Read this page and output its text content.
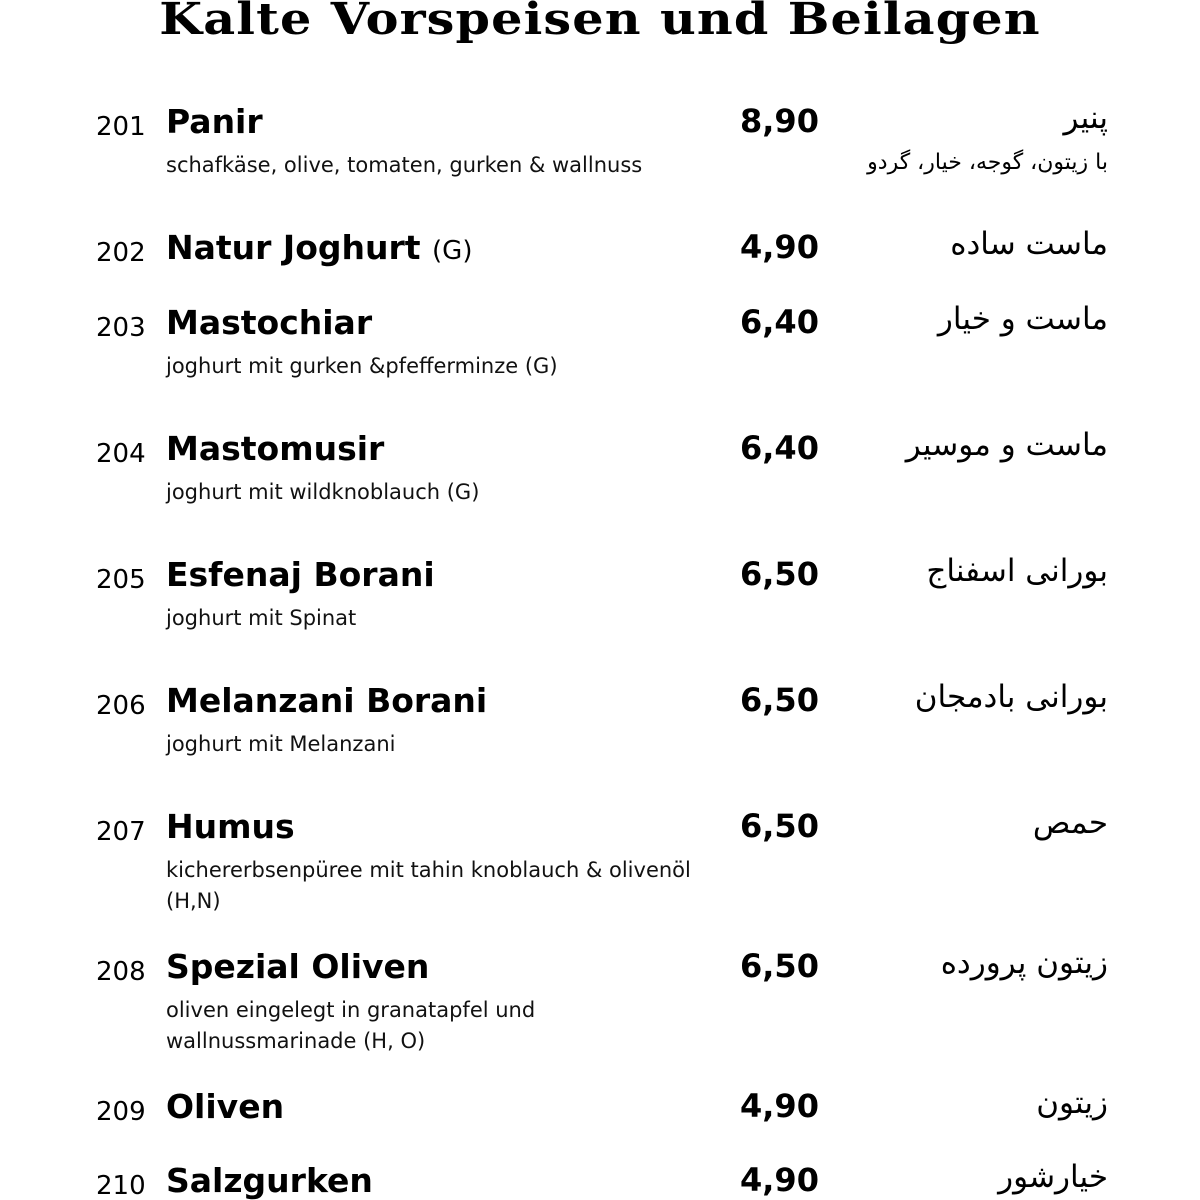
Kalte Vorspeisen und Beilagen
201 Panir
schafkäse, olive, tomaten, gurken & wallnuss
8,90	پنیر
با زیتون، گوجه، خیار، گردو
202 Natur Joghurt (G)	4,90	ماست ساده
203 Mastochiar
joghurt mit gurken &pfefferminze (G)
6,40	ماست و خیار
204 Mastomusir
joghurt mit wildknoblauch (G)
6,40	ماست و موسیر
205 Esfenaj Borani
joghurt mit Spinat
6,50	بورانی اسفناج
206 Melanzani Borani
joghurt mit Melanzani
6,50	بورانی بادمجان
207 Humus
kichererbsenpüree mit tahin knoblauch & olivenöl (H,N)
6,50	حمص
208 Spezial Oliven
oliven eingelegt in granatapfel und wallnussmarinade (H, O)
6,50	زیتون پرورده
209 Oliven	4,90	زیتون
210 Salzgurken	4,90	خیارشور
